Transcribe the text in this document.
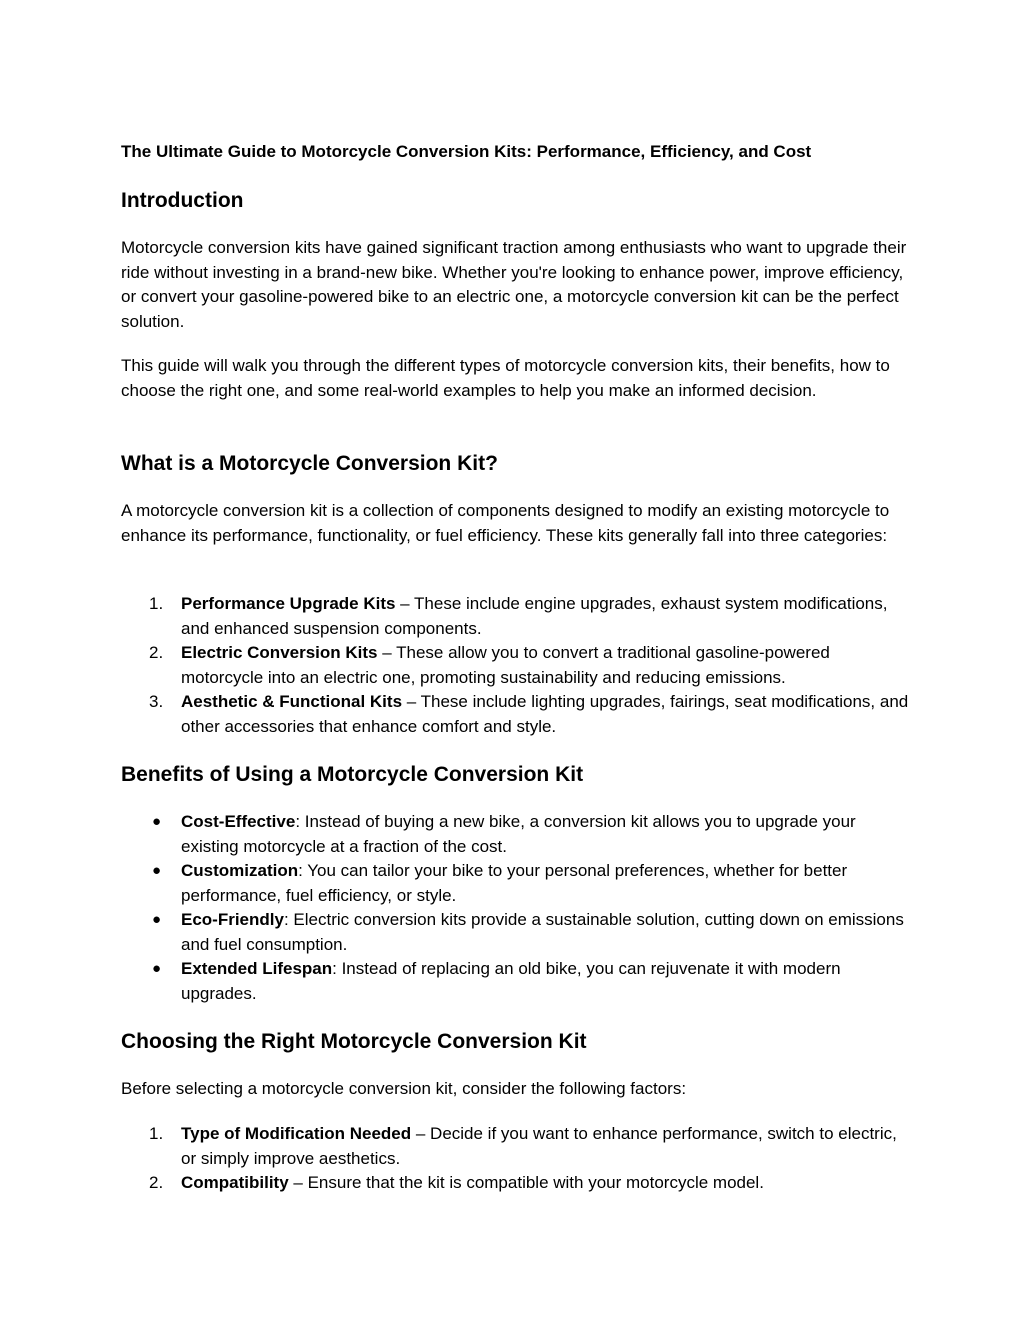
The Ultimate Guide to Motorcycle Conversion Kits: Performance, Efficiency, and Cost
Introduction
Motorcycle conversion kits have gained significant traction among enthusiasts who want to upgrade their ride without investing in a brand-new bike. Whether you're looking to enhance power, improve efficiency, or convert your gasoline-powered bike to an electric one, a motorcycle conversion kit can be the perfect solution.
This guide will walk you through the different types of motorcycle conversion kits, their benefits, how to choose the right one, and some real-world examples to help you make an informed decision.
What is a Motorcycle Conversion Kit?
A motorcycle conversion kit is a collection of components designed to modify an existing motorcycle to enhance its performance, functionality, or fuel efficiency. These kits generally fall into three categories:
1. Performance Upgrade Kits – These include engine upgrades, exhaust system modifications, and enhanced suspension components.
2. Electric Conversion Kits – These allow you to convert a traditional gasoline-powered motorcycle into an electric one, promoting sustainability and reducing emissions.
3. Aesthetic & Functional Kits – These include lighting upgrades, fairings, seat modifications, and other accessories that enhance comfort and style.
Benefits of Using a Motorcycle Conversion Kit
● Cost-Effective: Instead of buying a new bike, a conversion kit allows you to upgrade your existing motorcycle at a fraction of the cost.
● Customization: You can tailor your bike to your personal preferences, whether for better performance, fuel efficiency, or style.
● Eco-Friendly: Electric conversion kits provide a sustainable solution, cutting down on emissions and fuel consumption.
● Extended Lifespan: Instead of replacing an old bike, you can rejuvenate it with modern upgrades.
Choosing the Right Motorcycle Conversion Kit
Before selecting a motorcycle conversion kit, consider the following factors:
1. Type of Modification Needed – Decide if you want to enhance performance, switch to electric, or simply improve aesthetics.
2. Compatibility – Ensure that the kit is compatible with your motorcycle model.
